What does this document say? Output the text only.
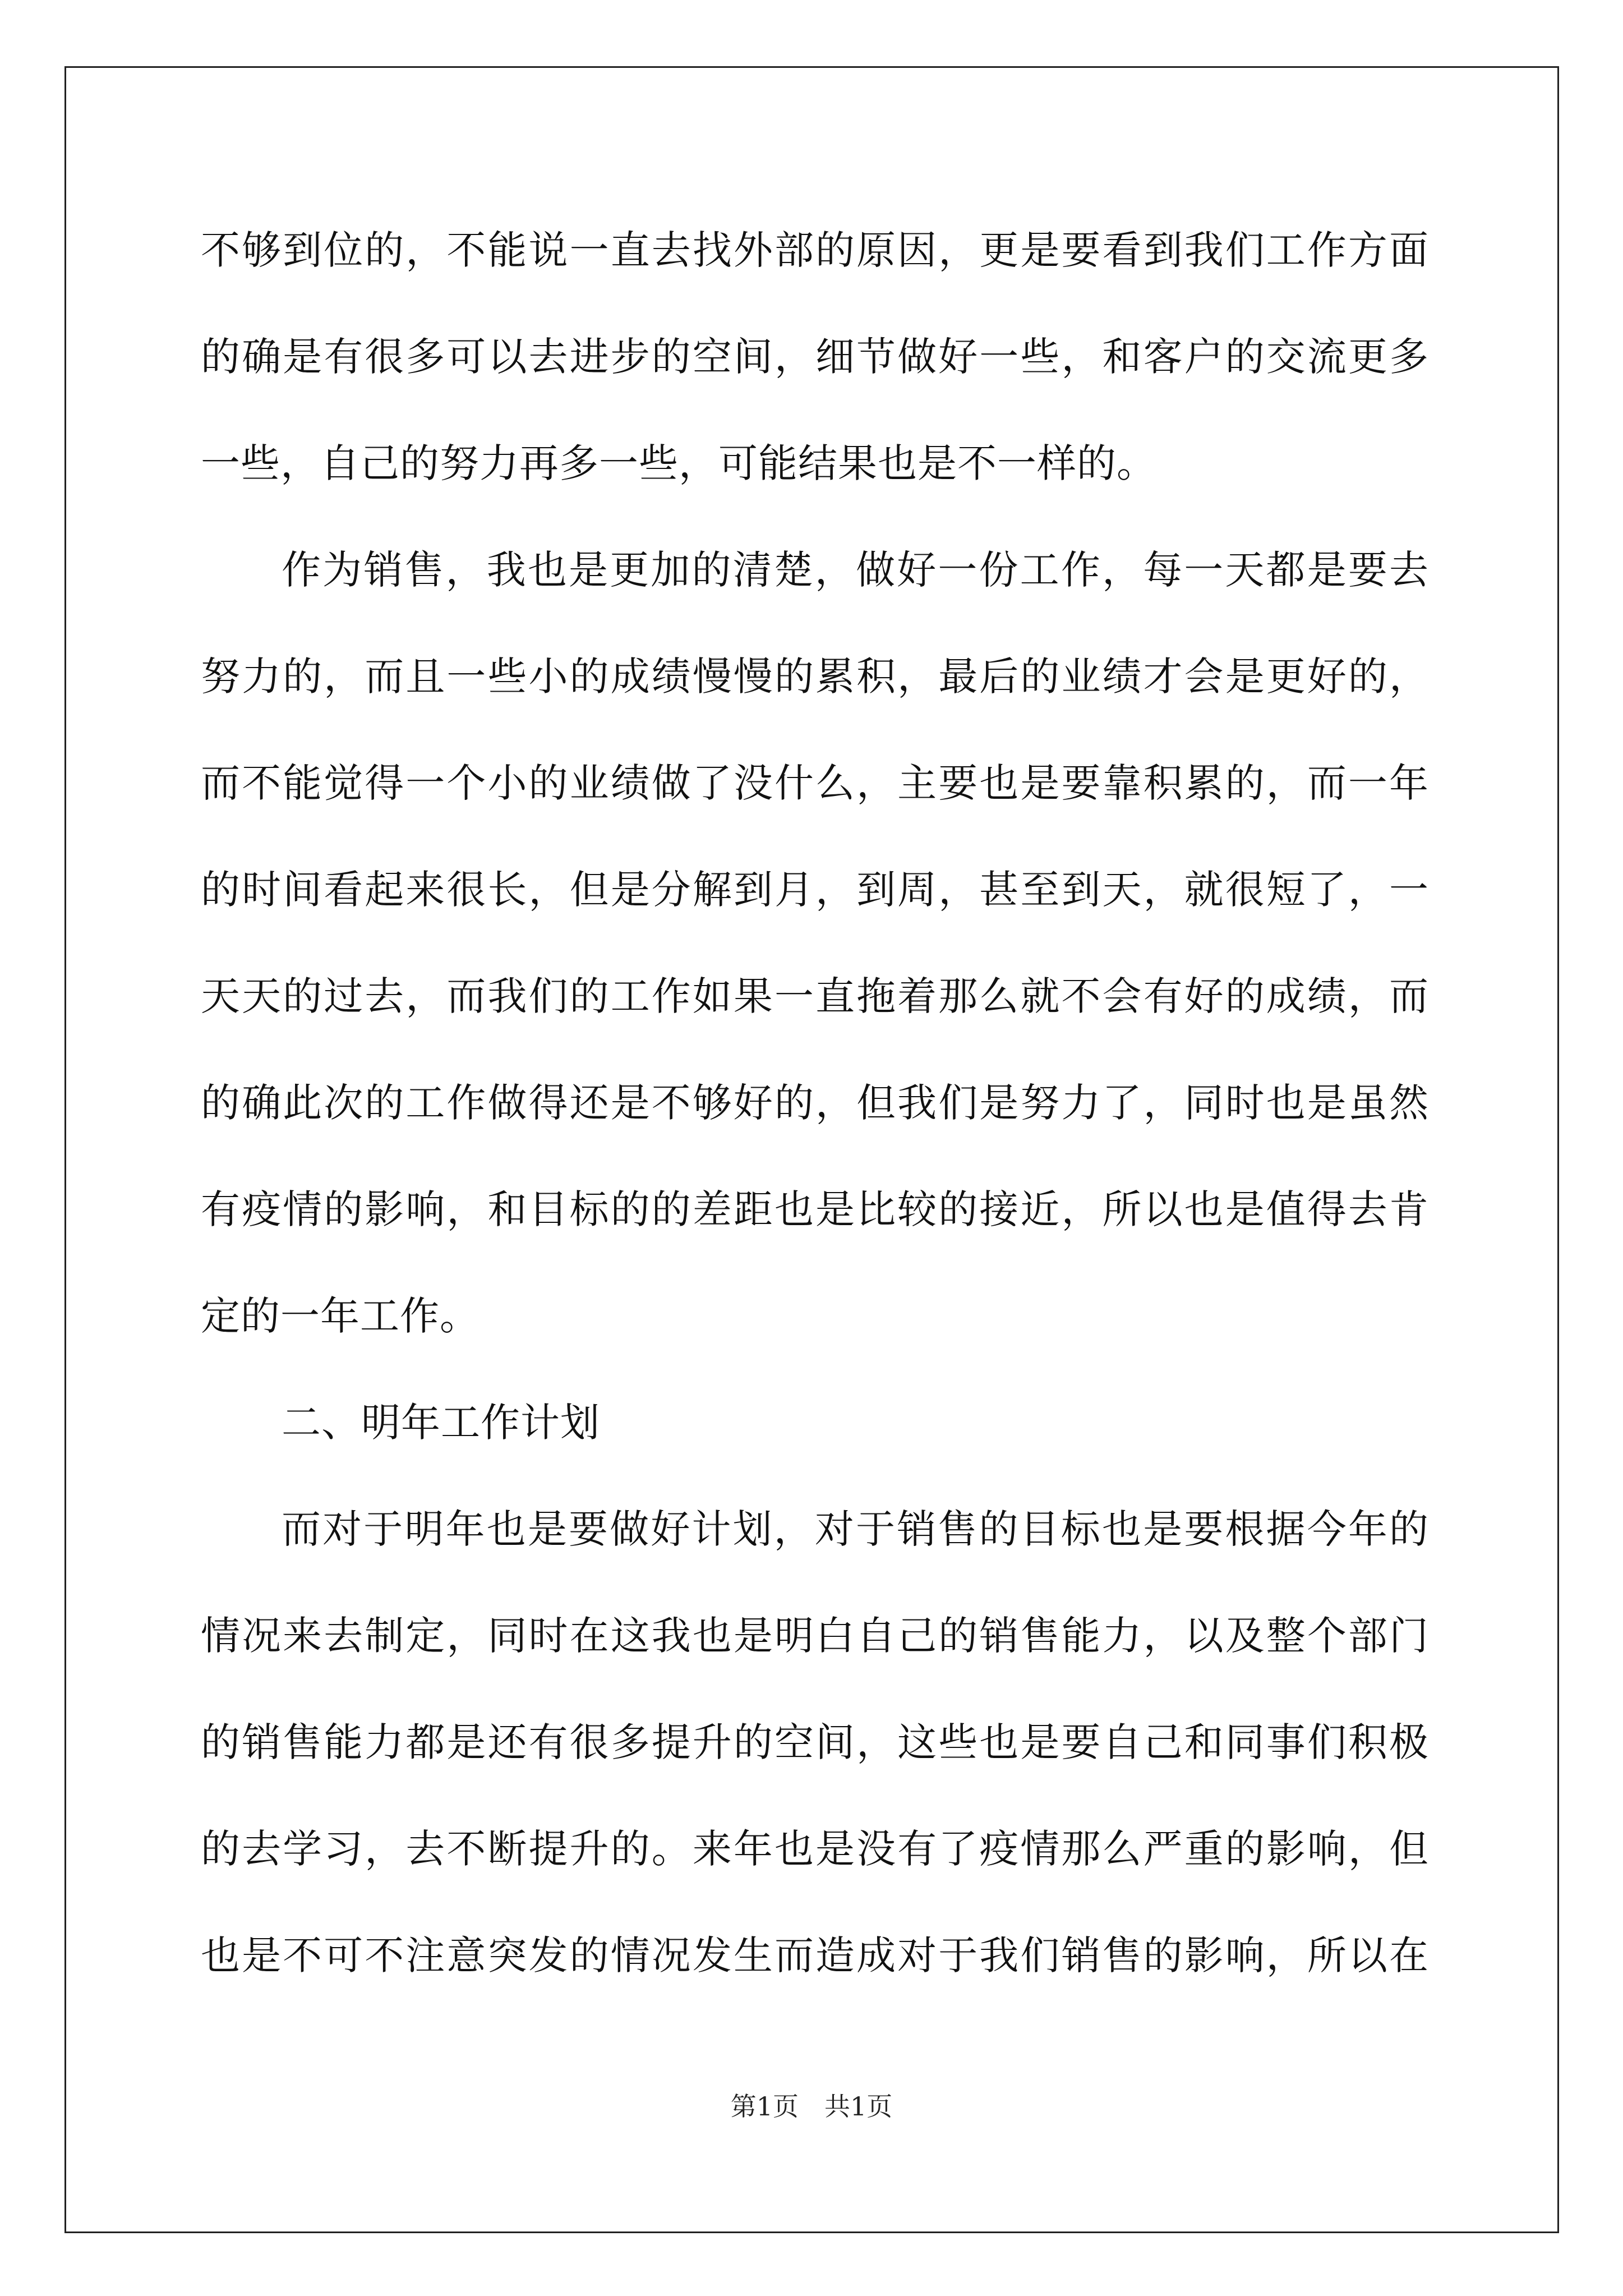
不够到位的，不能说一直去找外部的原因，更是要看到我们工作方面
的确是有很多可以去进步的空间，细节做好一些，和客户的交流更多
一些，自己的努力再多一些，可能结果也是不一样的。
作为销售，我也是更加的清楚，做好一份工作，每一天都是要去
努力的，而且一些小的成绩慢慢的累积，最后的业绩才会是更好的，
而不能觉得一个小的业绩做了没什么，主要也是要靠积累的，而一年
的时间看起来很长，但是分解到月，到周，甚至到天，就很短了，一
天天的过去，而我们的工作如果一直拖着那么就不会有好的成绩，而
的确此次的工作做得还是不够好的，但我们是努力了，同时也是虽然
有疫情的影响，和目标的的差距也是比较的接近，所以也是值得去肯
定的一年工作。
二、明年工作计划
而对于明年也是要做好计划，对于销售的目标也是要根据今年的
情况来去制定，同时在这我也是明白自己的销售能力，以及整个部门
的销售能力都是还有很多提升的空间，这些也是要自己和同事们积极
的去学习，去不断提升的。来年也是没有了疫情那么严重的影响，但
也是不可不注意突发的情况发生而造成对于我们销售的影响，所以在
第1页　共1页
